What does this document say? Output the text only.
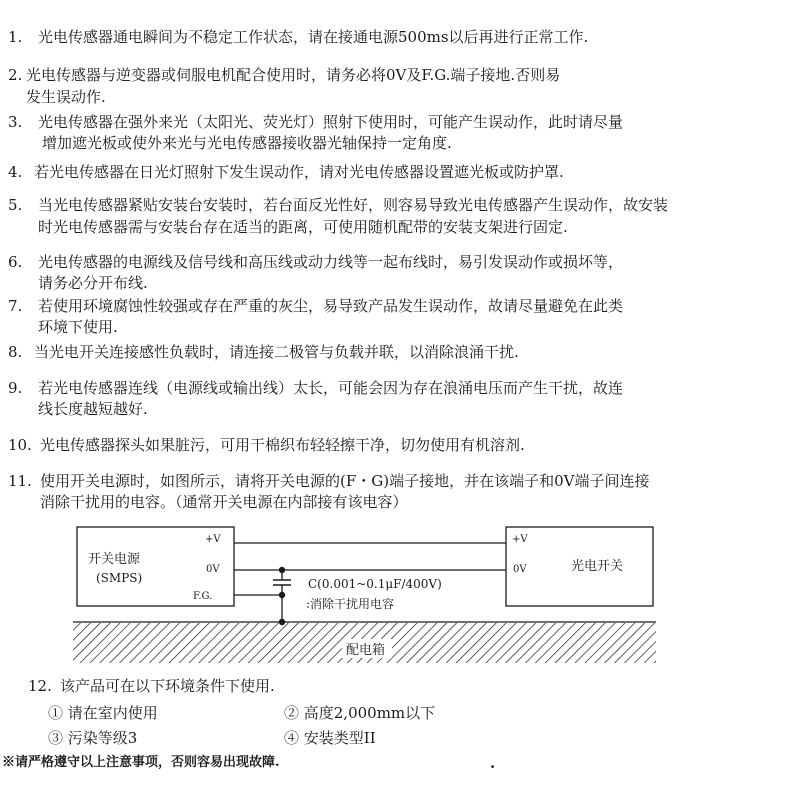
1. 光电传感器通电瞬间为不稳定工作状态，请在接通电源500ms以后再进行正常工作.
2. 光电传感器与逆变器或伺服电机配合使用时，请务必将0V及F.G.端子接地.否则易
发生误动作.
3. 光电传感器在强外来光（太阳光、荧光灯）照射下使用时，可能产生误动作，此时请尽量
增加遮光板或使外来光与光电传感器接收器光轴保持一定角度.
4. 若光电传感器在日光灯照射下发生误动作，请对光电传感器设置遮光板或防护罩.
5. 当光电传感器紧贴安装台安装时，若台面反光性好，则容易导致光电传感器产生误动作，故安装
时光电传感器需与安装台存在适当的距离，可使用随机配带的安装支架进行固定.
6. 光电传感器的电源线及信号线和高压线或动力线等一起布线时，易引发误动作或损坏等，
请务必分开布线.
7. 若使用环境腐蚀性较强或存在严重的灰尘，易导致产品发生误动作，故请尽量避免在此类
环境下使用.
8. 当光电开关连接感性负载时，请连接二极管与负载并联，以消除浪涌干扰.
9. 若光电传感器连线（电源线或输出线）太长，可能会因为存在浪涌电压而产生干扰，故连
线长度越短越好.
10. 光电传感器探头如果脏污，可用干棉织布轻轻擦干净，切勿使用有机溶剂.
11. 使用开关电源时，如图所示，请将开关电源的(F・G)端子接地，并在该端子和0V端子间连接
消除干扰用的电容。（通常开关电源在内部接有该电容）
开关电源
(SMPS)
+V
0V
F.G.
+V
0V	光电开关
C(0.001~0.1μF/400V)
:消除干扰用电容
配电箱
12. 该产品可在以下环境条件下使用.
① 请在室内使用	② 高度2,000mm以下
③ 污染等级3	④ 安装类型II
※请严格遵守以上注意事项，否则容易出现故障.	.
